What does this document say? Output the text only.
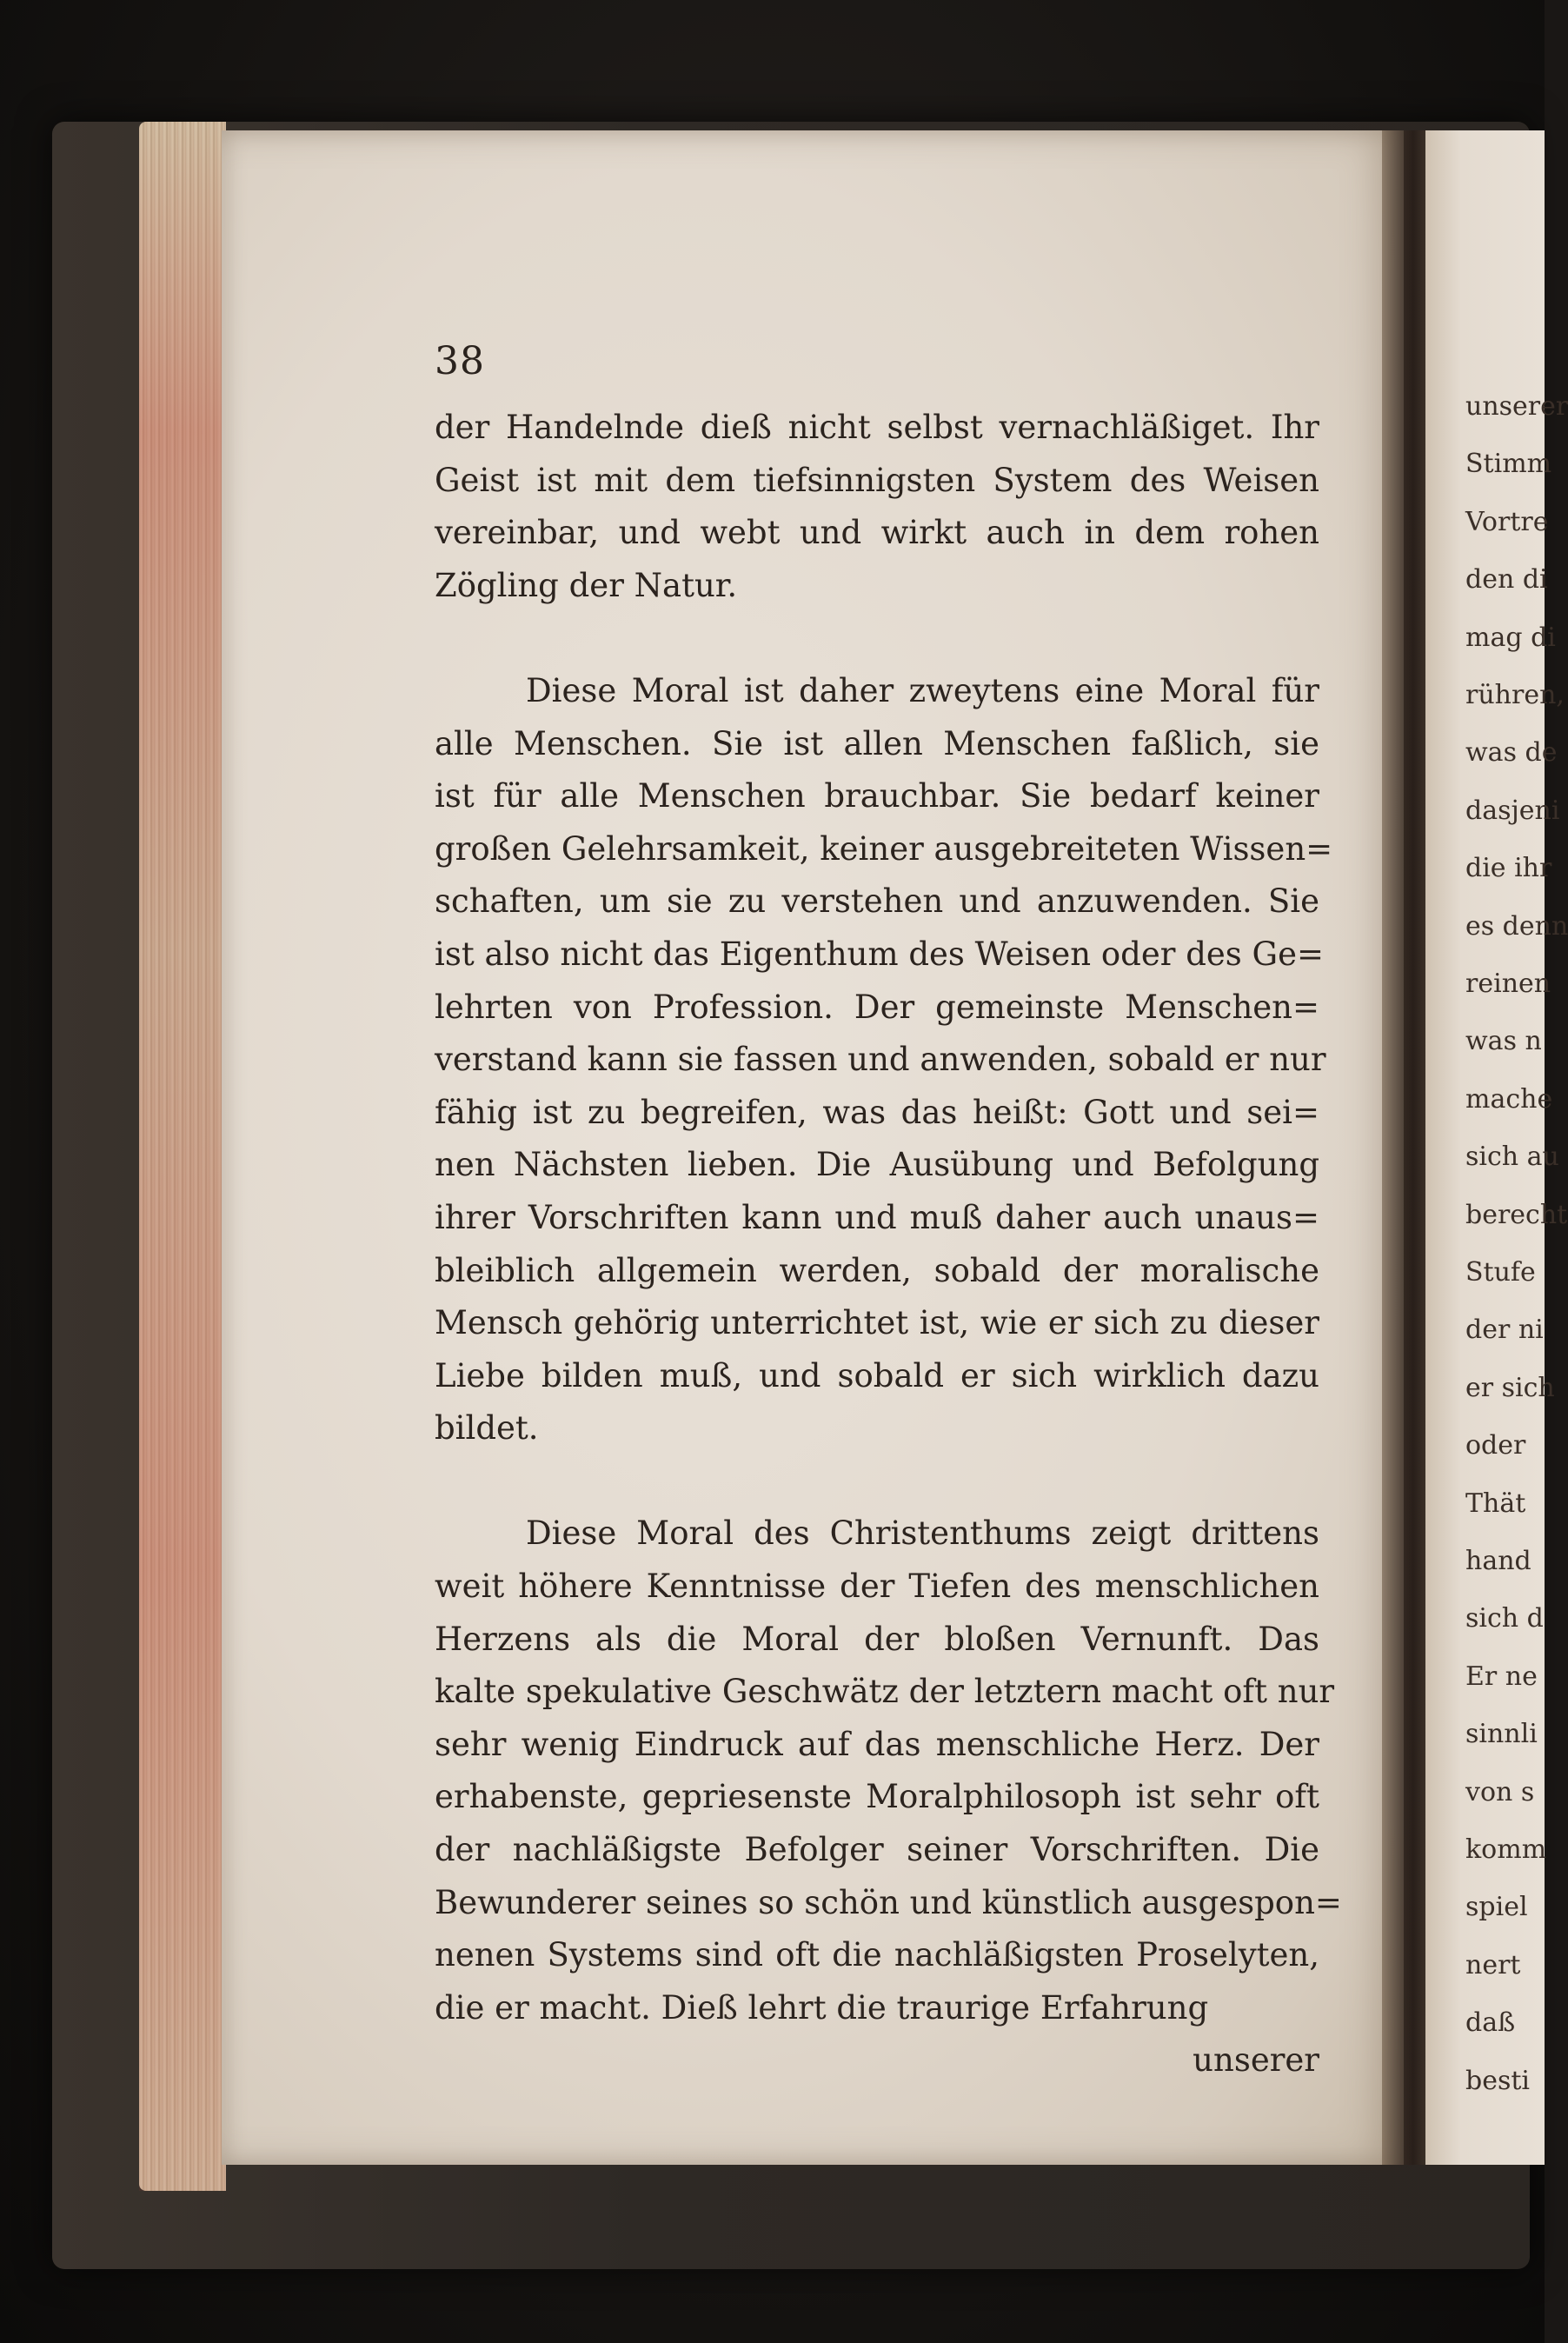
unserer
Stimm
Vortre
den di
mag di
rühren,
was de
dasjeni
die ihr
es denn
reinen
was n
mache
sich au
berecht
Stufe
der ni
er sich
oder
Thät
hand
sich d
Er ne
sinnli
von s
komm
spiel
nert
daß
besti
38
der Handelnde dieß nicht selbst vernachläßiget. Ihr
Geist ist mit dem tiefsinnigsten System des Weisen
vereinbar, und webt und wirkt auch in dem rohen
Zögling der Natur.
Diese Moral ist daher zweytens eine Moral für
alle Menschen. Sie ist allen Menschen faßlich, sie
ist für alle Menschen brauchbar. Sie bedarf keiner
großen Gelehrsamkeit, keiner ausgebreiteten Wissen=
schaften, um sie zu verstehen und anzuwenden. Sie
ist also nicht das Eigenthum des Weisen oder des Ge=
lehrten von Profession. Der gemeinste Menschen=
verstand kann sie fassen und anwenden, sobald er nur
fähig ist zu begreifen, was das heißt: Gott und sei=
nen Nächsten lieben. Die Ausübung und Befolgung
ihrer Vorschriften kann und muß daher auch unaus=
bleiblich allgemein werden, sobald der moralische
Mensch gehörig unterrichtet ist, wie er sich zu dieser
Liebe bilden muß, und sobald er sich wirklich dazu
bildet.
Diese Moral des Christenthums zeigt drittens
weit höhere Kenntnisse der Tiefen des menschlichen
Herzens als die Moral der bloßen Vernunft. Das
kalte spekulative Geschwätz der letztern macht oft nur
sehr wenig Eindruck auf das menschliche Herz. Der
erhabenste, gepriesenste Moralphilosoph ist sehr oft
der nachläßigste Befolger seiner Vorschriften. Die
Bewunderer seines so schön und künstlich ausgespon=
nenen Systems sind oft die nachläßigsten Proselyten,
die er macht. Dieß lehrt die traurige Erfahrung
unserer
